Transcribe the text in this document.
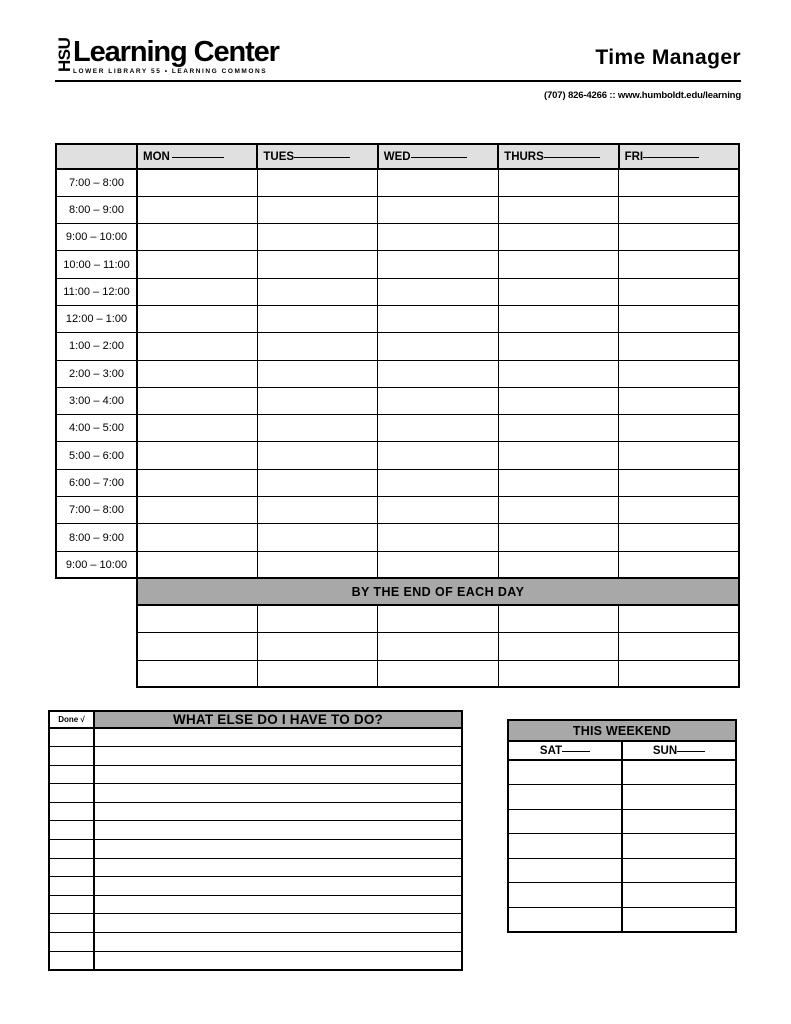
HSU Learning Center
LOWER LIBRARY 55 • LEARNING COMMONS
Time Manager
(707) 826-4266 :: www.humboldt.edu/learning
	MON	TUES	WED	THURS	FRI
7:00 – 8:00					
8:00 – 9:00					
9:00 – 10:00					
10:00 – 11:00					
11:00 – 12:00					
12:00 – 1:00					
1:00 – 2:00					
2:00 – 3:00					
3:00 – 4:00					
4:00 – 5:00					
5:00 – 6:00					
6:00 – 7:00					
7:00 – 8:00					
8:00 – 9:00					
9:00 – 10:00					
	BY THE END OF EACH DAY				

Done √	WHAT ELSE DO I HAVE TO DO?

THIS WEEKEND	
SAT	SUN
